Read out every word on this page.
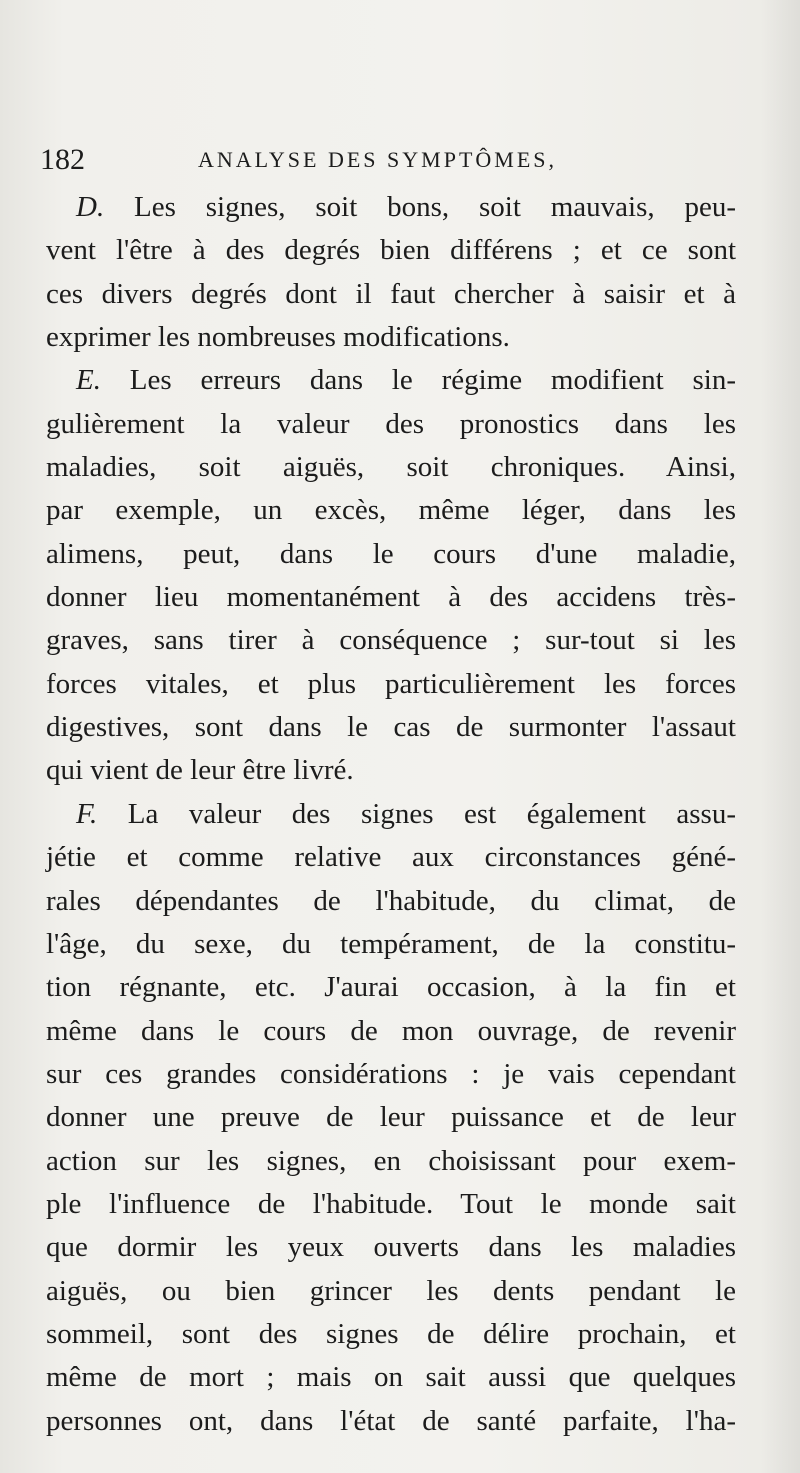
182	ANALYSE DES SYMPTÔMES,
D. Les signes, soit bons, soit mauvais, peu-
vent l'être à des degrés bien différens ; et ce sont
ces divers degrés dont il faut chercher à saisir et à
exprimer les nombreuses modifications.
E. Les erreurs dans le régime modifient sin-
gulièrement la valeur des pronostics dans les
maladies, soit aiguës, soit chroniques. Ainsi,
par exemple, un excès, même léger, dans les
alimens, peut, dans le cours d'une maladie,
donner lieu momentanément à des accidens très-
graves, sans tirer à conséquence ; sur-tout si les
forces vitales, et plus particulièrement les forces
digestives, sont dans le cas de surmonter l'assaut
qui vient de leur être livré.
F. La valeur des signes est également assu-
jétie et comme relative aux circonstances géné-
rales dépendantes de l'habitude, du climat, de
l'âge, du sexe, du tempérament, de la constitu-
tion régnante, etc. J'aurai occasion, à la fin et
même dans le cours de mon ouvrage, de revenir
sur ces grandes considérations : je vais cependant
donner une preuve de leur puissance et de leur
action sur les signes, en choisissant pour exem-
ple l'influence de l'habitude. Tout le monde sait
que dormir les yeux ouverts dans les maladies
aiguës, ou bien grincer les dents pendant le
sommeil, sont des signes de délire prochain, et
même de mort ; mais on sait aussi que quelques
personnes ont, dans l'état de santé parfaite, l'ha-
